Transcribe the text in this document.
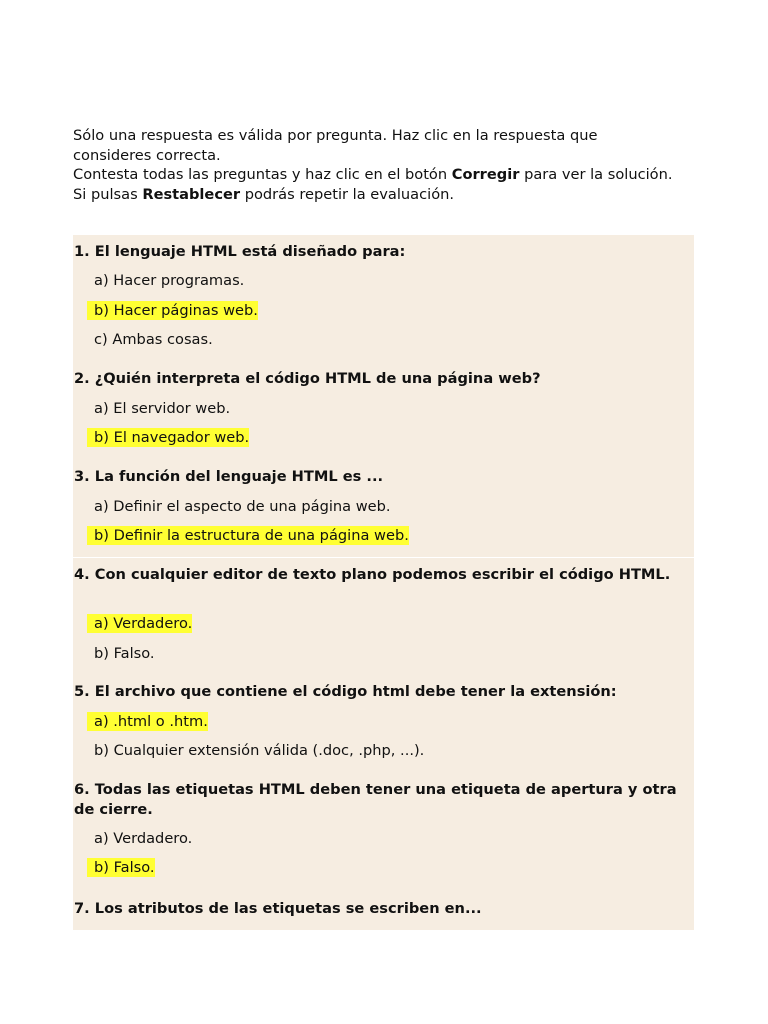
Sólo una respuesta es válida por pregunta. Haz clic en la respuesta que consideres correcta.

Contesta todas las preguntas y haz clic en el botón Corregir para ver la solución.

Si pulsas Restablecer podrás repetir la evaluación.

1. El lenguaje HTML está diseñado para:
a) Hacer programas.
b) Hacer páginas web.
c) Ambas cosas.
2. ¿Quién interpreta el código HTML de una página web?
a) El servidor web.
b) El navegador web.
3. La función del lenguaje HTML es ...
a) Definir el aspecto de una página web.
b) Definir la estructura de una página web.
4. Con cualquier editor de texto plano podemos escribir el código HTML.
a) Verdadero.
b) Falso.
5. El archivo que contiene el código html debe tener la extensión:
a) .html o .htm.
b) Cualquier extensión válida (.doc, .php, ...).
6. Todas las etiquetas HTML deben tener una etiqueta de apertura y otra de cierre.
a) Verdadero.
b) Falso.
7. Los atributos de las etiquetas se escriben en...
